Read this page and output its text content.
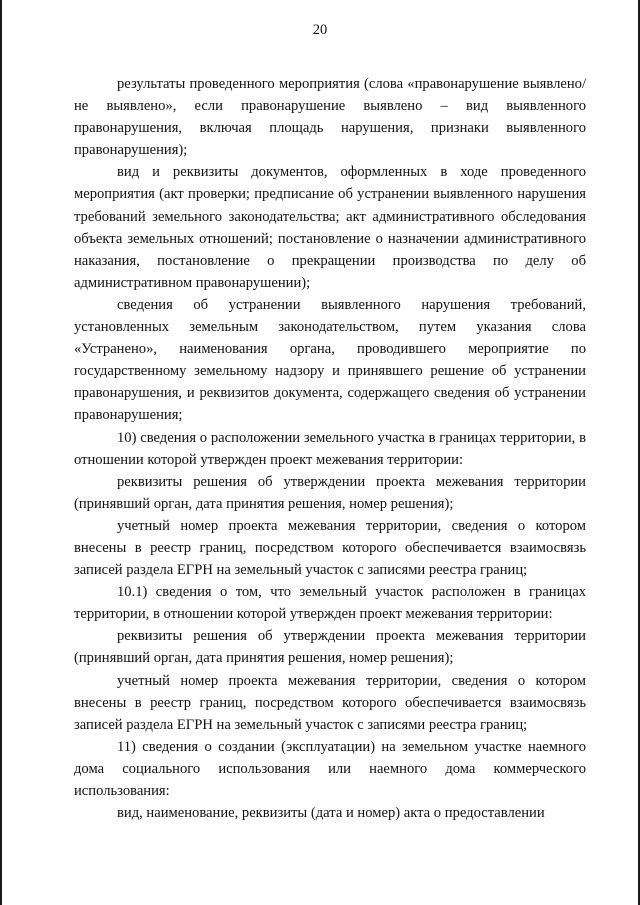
20

результаты проведенного мероприятия (слова «правонарушение выявлено/не выявлено», если правонарушение выявлено – вид выявленного правонарушения, включая площадь нарушения, признаки выявленного правонарушения);

вид и реквизиты документов, оформленных в ходе проведенного мероприятия (акт проверки; предписание об устранении выявленного нарушения требований земельного законодательства; акт административного обследования объекта земельных отношений; постановление о назначении административного наказания, постановление о прекращении производства по делу об административном правонарушении);

сведения об устранении выявленного нарушения требований, установленных земельным законодательством, путем указания слова «Устранено», наименования органа, проводившего мероприятие по государственному земельному надзору и принявшего решение об устранении правонарушения, и реквизитов документа, содержащего сведения об устранении правонарушения;

10) сведения о расположении земельного участка в границах территории, в отношении которой утвержден проект межевания территории:

реквизиты решения об утверждении проекта межевания территории (принявший орган, дата принятия решения, номер решения);

учетный номер проекта межевания территории, сведения о котором внесены в реестр границ, посредством которого обеспечивается взаимосвязь записей раздела ЕГРН на земельный участок с записями реестра границ;

10.1) сведения о том, что земельный участок расположен в границах территории, в отношении которой утвержден проект межевания территории:

реквизиты решения об утверждении проекта межевания территории (принявший орган, дата принятия решения, номер решения);

учетный номер проекта межевания территории, сведения о котором внесены в реестр границ, посредством которого обеспечивается взаимосвязь записей раздела ЕГРН на земельный участок с записями реестра границ;

11) сведения о создании (эксплуатации) на земельном участке наемного дома социального использования или наемного дома коммерческого использования:

вид, наименование, реквизиты (дата и номер) акта о предоставлении
